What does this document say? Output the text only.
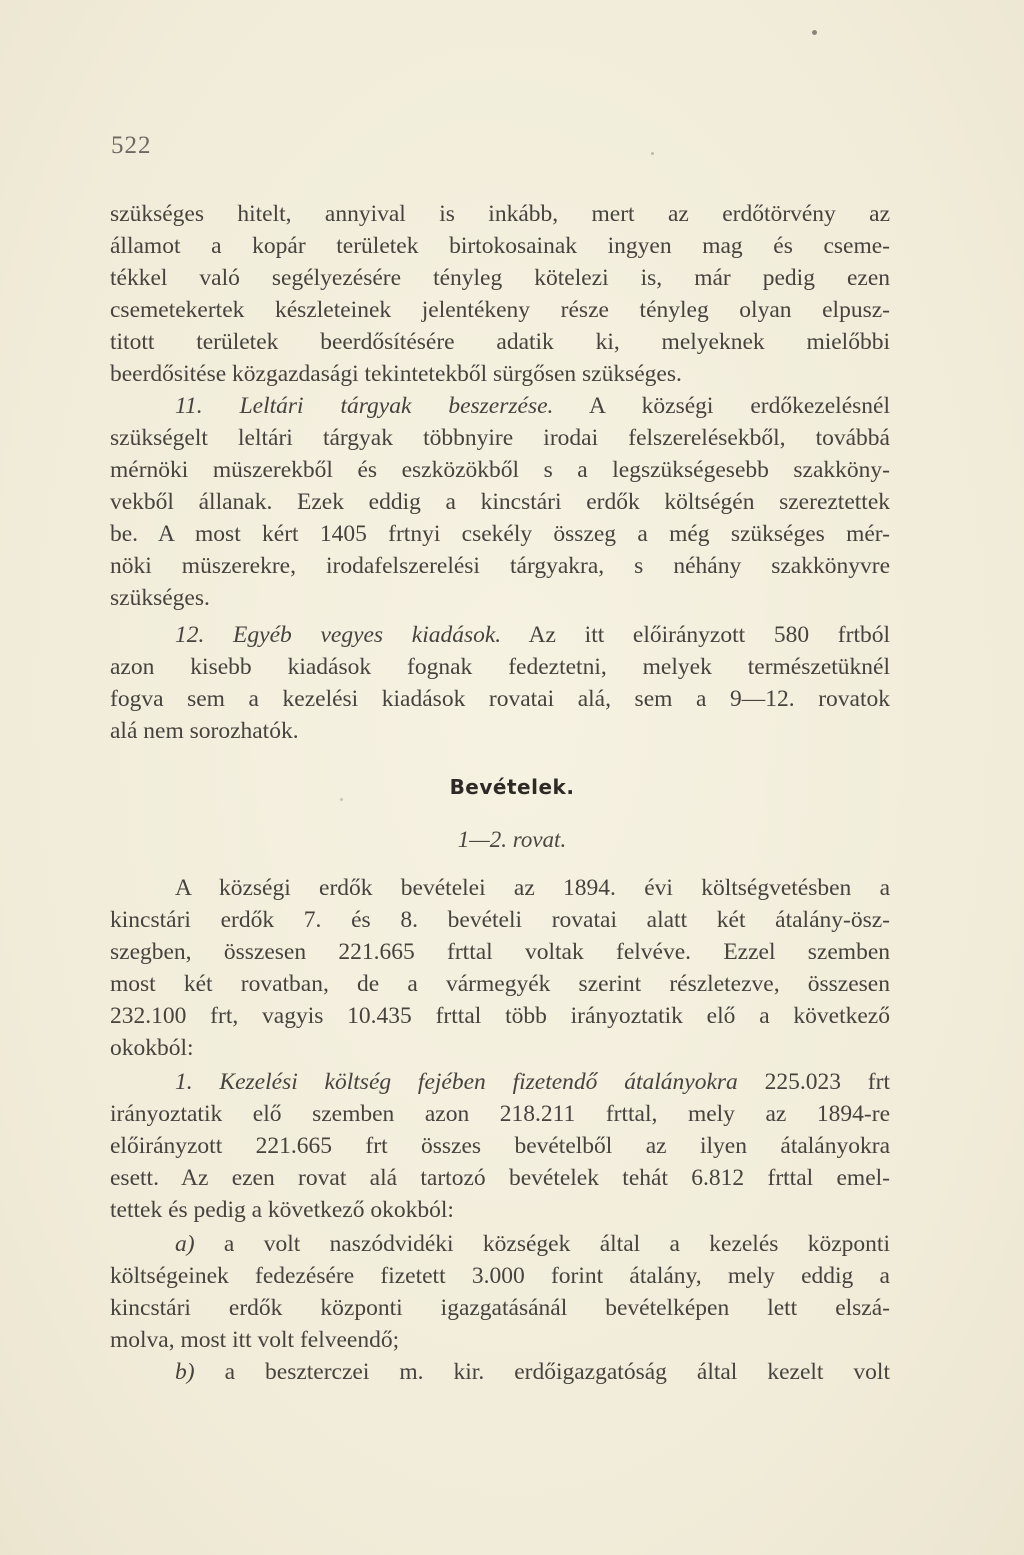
522
szükséges hitelt, annyival is inkább, mert az erdőtörvény az
államot a kopár területek birtokosainak ingyen mag és cseme-
tékkel való segélyezésére tényleg kötelezi is, már pedig ezen
csemetekertek készleteinek jelentékeny része tényleg olyan elpusz-
titott területek beerdősítésére adatik ki, melyeknek mielőbbi
beerdősitése közgazdasági tekintetekből sürgősen szükséges.
11. Leltári tárgyak beszerzése. A községi erdőkezelésnél
szükségelt leltári tárgyak többnyire irodai felszerelésekből, továbbá
mérnöki müszerekből és eszközökből s a legszükségesebb szakköny-
vekből állanak. Ezek eddig a kincstári erdők költségén szereztettek
be. A most kért 1405 frtnyi csekély összeg a még szükséges mér-
nöki müszerekre, irodafelszerelési tárgyakra, s néhány szakkönyvre
szükséges.
12. Egyéb vegyes kiadások. Az itt előirányzott 580 frtból
azon kisebb kiadások fognak fedeztetni, melyek természetüknél
fogva sem a kezelési kiadások rovatai alá, sem a 9—12. rovatok
alá nem sorozhatók.
Bevételek.
1—2. rovat.
A községi erdők bevételei az 1894. évi költségvetésben a
kincstári erdők 7. és 8. bevételi rovatai alatt két átalány-ösz-
szegben, összesen 221.665 frttal voltak felvéve. Ezzel szemben
most két rovatban, de a vármegyék szerint részletezve, összesen
232.100 frt, vagyis 10.435 frttal több irányoztatik elő a következő
okokból:
1. Kezelési költség fejében fizetendő átalányokra 225.023 frt
irányoztatik elő szemben azon 218.211 frttal, mely az 1894-re
előirányzott 221.665 frt összes bevételből az ilyen átalányokra
esett. Az ezen rovat alá tartozó bevételek tehát 6.812 frttal emel-
tettek és pedig a következő okokból:
a) a volt naszódvidéki községek által a kezelés központi
költségeinek fedezésére fizetett 3.000 forint átalány, mely eddig a
kincstári erdők központi igazgatásánál bevételképen lett elszá-
molva, most itt volt felveendő;
b) a beszterczei m. kir. erdőigazgatóság által kezelt volt
